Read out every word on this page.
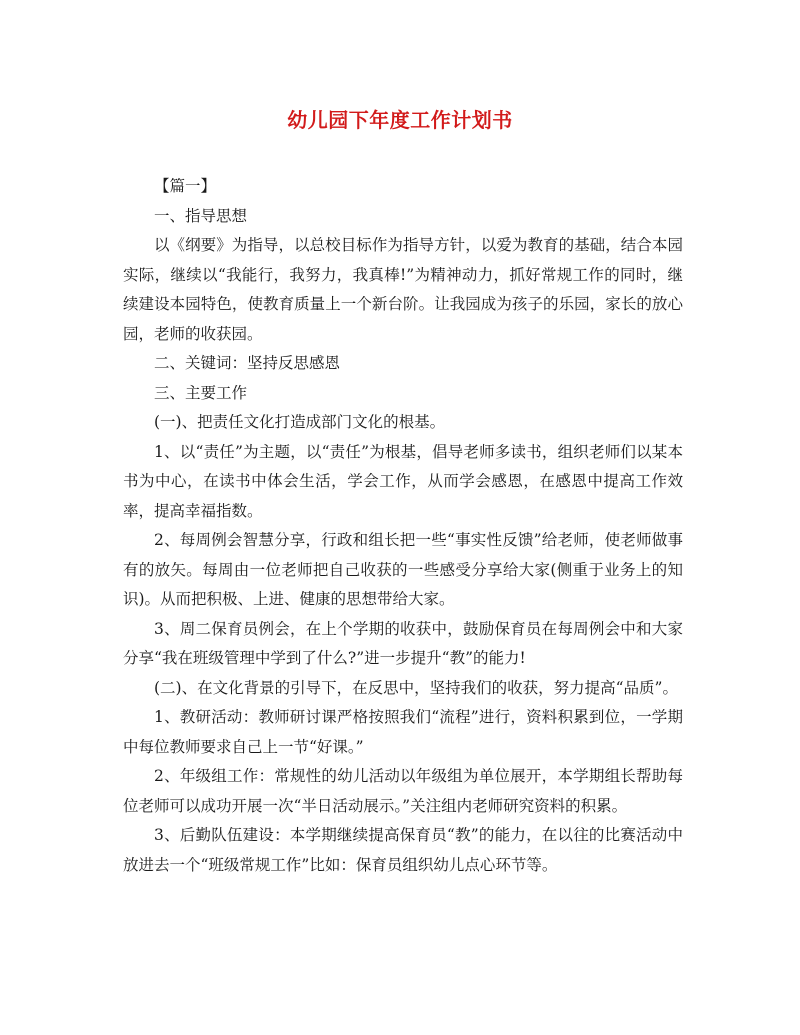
幼儿园下年度工作计划书

【篇一】

一、指导思想

以《纲要》为指导，以总校目标作为指导方针，以爱为教育的基础，结合本园实际，继续以“我能行，我努力，我真棒!”为精神动力，抓好常规工作的同时，继续建设本园特色，使教育质量上一个新台阶。让我园成为孩子的乐园，家长的放心园，老师的收获园。

二、关键词：坚持反思感恩

三、主要工作

(一)、把责任文化打造成部门文化的根基。

1、以“责任”为主题，以“责任”为根基，倡导老师多读书，组织老师们以某本书为中心，在读书中体会生活，学会工作，从而学会感恩，在感恩中提高工作效率，提高幸福指数。

2、每周例会智慧分享，行政和组长把一些“事实性反馈”给老师，使老师做事有的放矢。每周由一位老师把自己收获的一些感受分享给大家(侧重于业务上的知识)。从而把积极、上进、健康的思想带给大家。

3、周二保育员例会，在上个学期的收获中，鼓励保育员在每周例会中和大家分享“我在班级管理中学到了什么?”进一步提升“教”的能力!

(二)、在文化背景的引导下，在反思中，坚持我们的收获，努力提高“品质”。

1、教研活动：教师研讨课严格按照我们“流程”进行，资料积累到位，一学期中每位教师要求自己上一节“好课。”

2、年级组工作：常规性的幼儿活动以年级组为单位展开，本学期组长帮助每位老师可以成功开展一次“半日活动展示。”关注组内老师研究资料的积累。

3、后勤队伍建设：本学期继续提高保育员“教”的能力，在以往的比赛活动中放进去一个“班级常规工作”比如：保育员组织幼儿点心环节等。
